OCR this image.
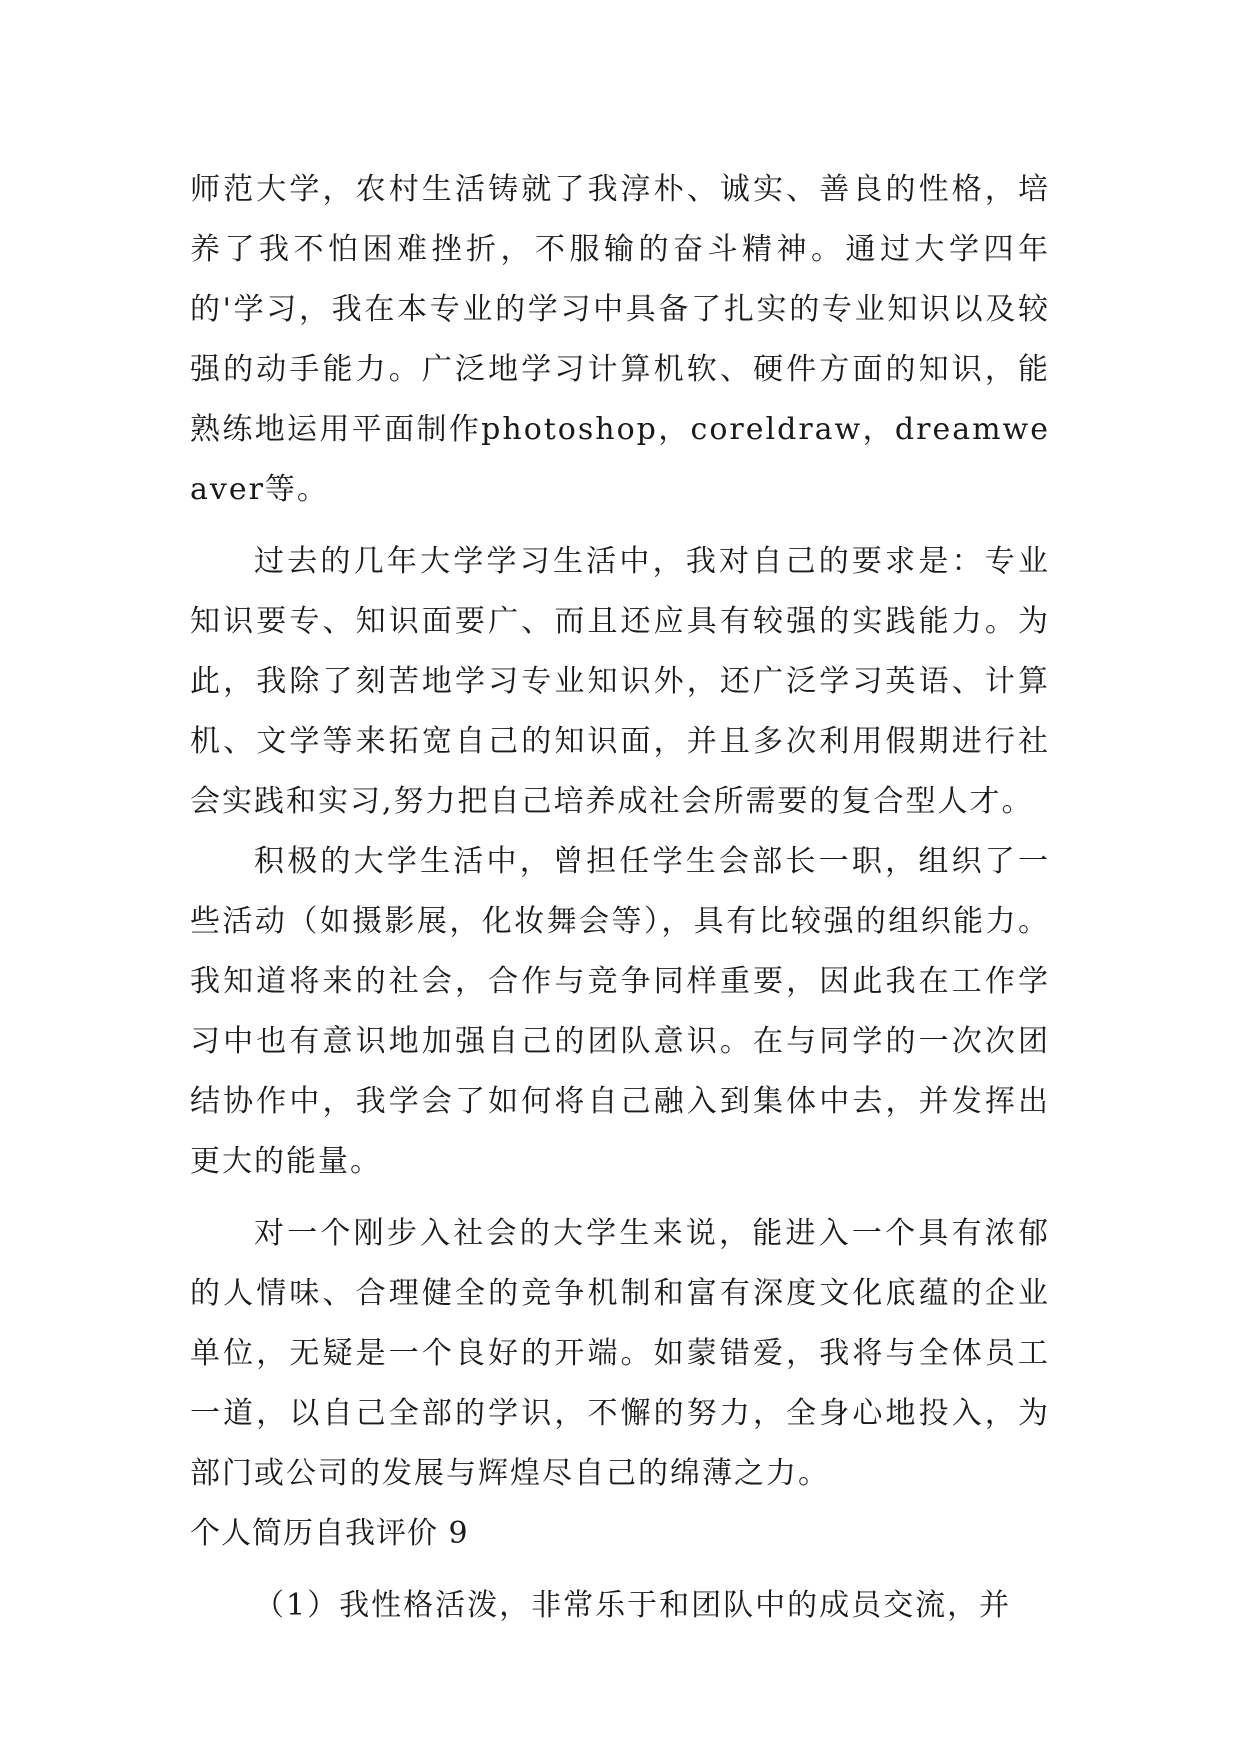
师范大学，农村生活铸就了我淳朴、诚实、善良的性格，培养了我不怕困难挫折，不服输的奋斗精神。通过大学四年的'学习，我在本专业的学习中具备了扎实的专业知识以及较强的动手能力。广泛地学习计算机软、硬件方面的知识，能熟练地运用平面制作photoshop，coreldraw，dreamweaver等。

过去的几年大学学习生活中，我对自己的要求是：专业知识要专、知识面要广、而且还应具有较强的实践能力。为此，我除了刻苦地学习专业知识外，还广泛学习英语、计算机、文学等来拓宽自己的知识面，并且多次利用假期进行社会实践和实习,努力把自己培养成社会所需要的复合型人才。

积极的大学生活中，曾担任学生会部长一职，组织了一些活动（如摄影展，化妆舞会等），具有比较强的组织能力。我知道将来的社会，合作与竞争同样重要，因此我在工作学习中也有意识地加强自己的团队意识。在与同学的一次次团结协作中，我学会了如何将自己融入到集体中去，并发挥出更大的能量。

对一个刚步入社会的大学生来说，能进入一个具有浓郁的人情味、合理健全的竞争机制和富有深度文化底蕴的企业单位，无疑是一个良好的开端。如蒙错爱，我将与全体员工一道，以自己全部的学识，不懈的努力，全身心地投入，为部门或公司的发展与辉煌尽自己的绵薄之力。

个人简历自我评价 9

（1）我性格活泼，非常乐于和团队中的成员交流，并
